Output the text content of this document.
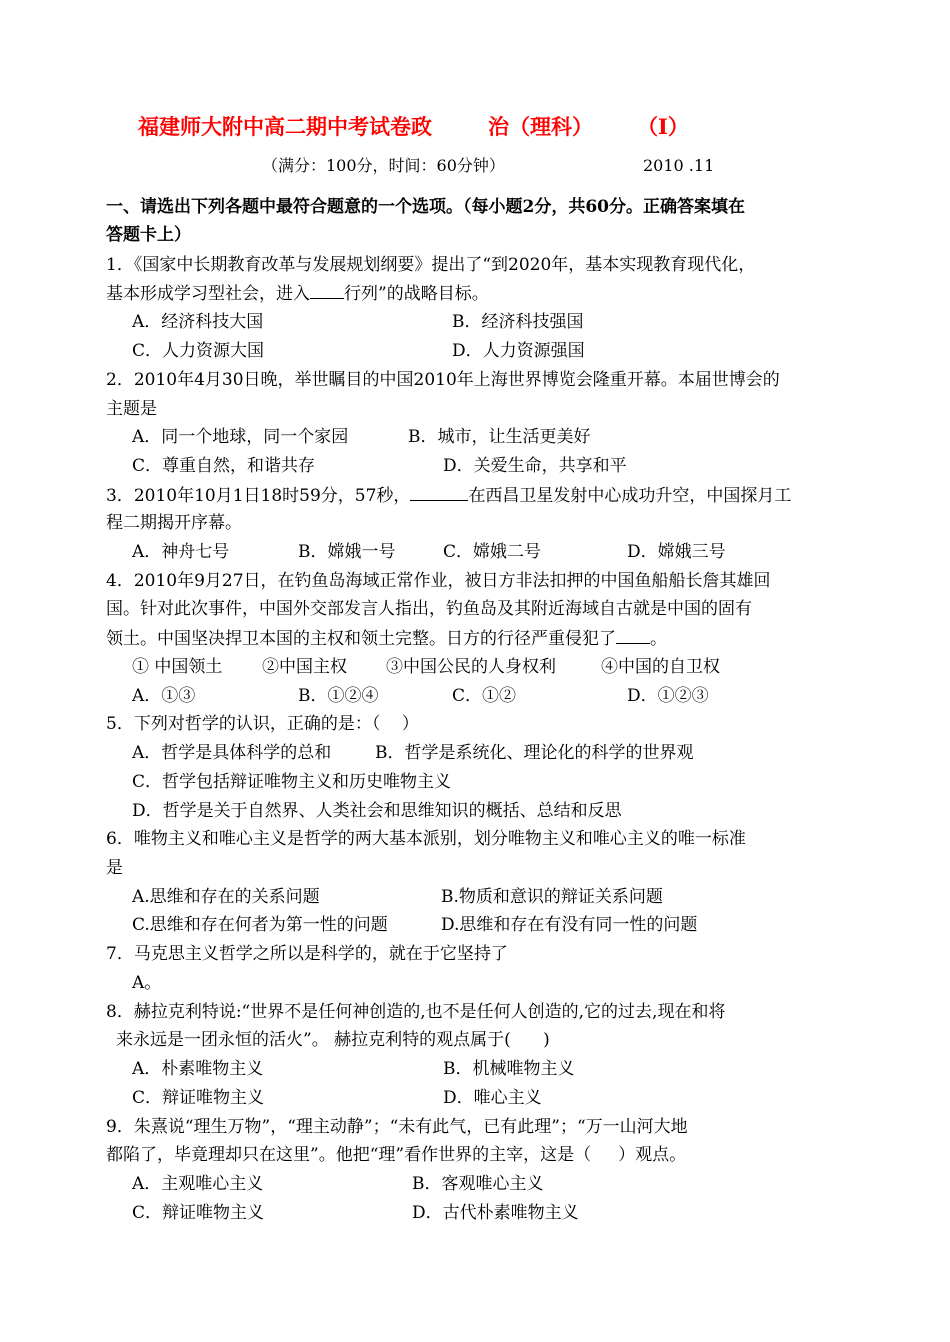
福建师大附中高二期中考试卷政	治（理科） （Ⅰ）
（满分：100分，时间：60分钟）	2010 .11
一、请选出下列各题中最符合题意的一个选项。（每小题2分，共60分。正确答案填在
答题卡上）
1．《国家中长期教育改革与发展规划纲要》提出了“到2020年，基本实现教育现代化，
基本形成学习型社会，进入 行列”的战略目标。
A．经济科技大国	B．经济科技强国
C．人力资源大国	D．人力资源强国
2．2010年4月30日晚，举世瞩目的中国2010年上海世界博览会隆重开幕。本届世博会的
主题是
A．同一个地球，同一个家园	B．城市，让生活更美好
C．尊重自然，和谐共存	D．关爱生命，共享和平
3．2010年10月1日18时59分，57秒，	在西昌卫星发射中心成功升空，中国探月工
程二期揭开序幕。
A．神舟七号	B．嫦娥一号	C．嫦娥二号	D．嫦娥三号
4．2010年9月27日，在钓鱼岛海域正常作业，被日方非法扣押的中国鱼船船长詹其雄回
国。针对此次事件，中国外交部发言人指出，钓鱼岛及其附近海域自古就是中国的固有
领土。中国坚决捍卫本国的主权和领土完整。日方的行径严重侵犯了 。
① 中国领土 ②中国主权 ③中国公民的人身权利	④中国的自卫权
A．①③	B．①②④	C．①②	D．①②③
5．下列对哲学的认识，正确的是：（    ）
A．哲学是具体科学的总和	B．哲学是系统化、理论化的科学的世界观
C．哲学包括辩证唯物主义和历史唯物主义
D．哲学是关于自然界、人类社会和思维知识的概括、总结和反思
6．唯物主义和唯心主义是哲学的两大基本派别，划分唯物主义和唯心主义的唯一标准
是
A.思维和存在的关系问题	B.物质和意识的辩证关系问题
C.思维和存在何者为第一性的问题	D.思维和存在有没有同一性的问题
7．马克思主义哲学之所以是科学的，就在于它坚持了
A。
8．赫拉克利特说:“世界不是任何神创造的,也不是任何人创造的,它的过去,现在和将
来永远是一团永恒的活火”。 赫拉克利特的观点属于(      )
A．朴素唯物主义	B．机械唯物主义
C．辩证唯物主义	D．唯心主义
9．朱熹说“理生万物”，“理主动静”；“未有此气，已有此理”；“万一山河大地
都陷了，毕竟理却只在这里”。他把“理”看作世界的主宰，这是（     ）观点。
A．主观唯心主义	B．客观唯心主义
C．辩证唯物主义	D．古代朴素唯物主义
